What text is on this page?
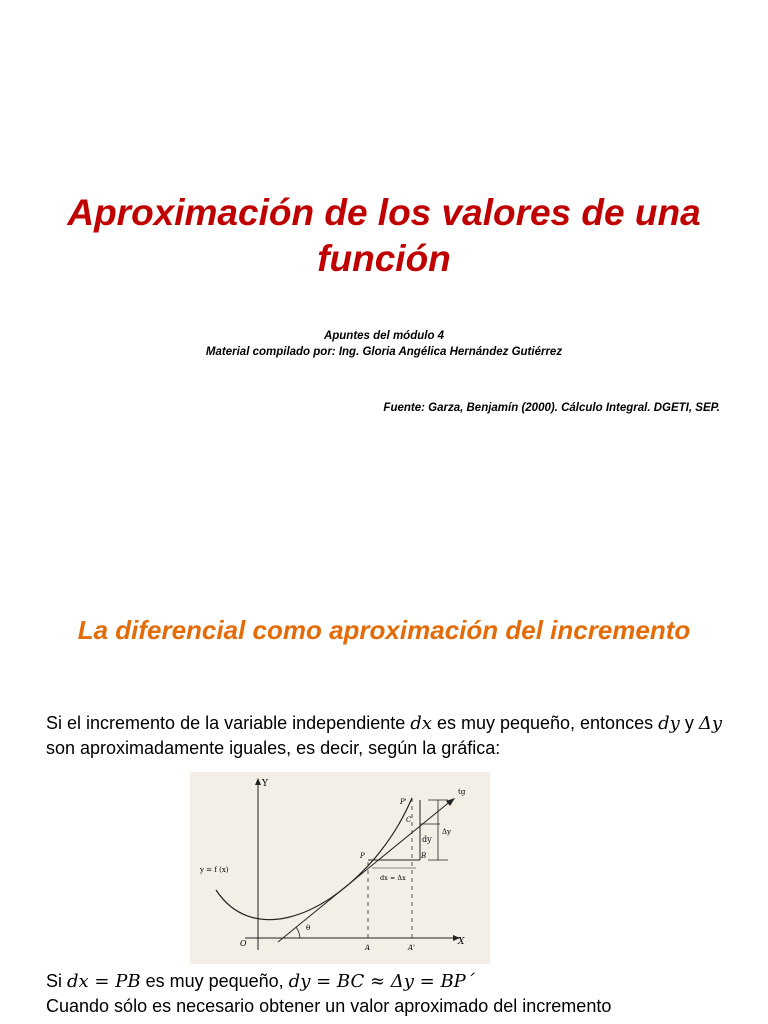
Aproximación de los valores de una función
Apuntes del módulo 4
Material compilado por: Ing. Gloria Angélica Hernández Gutiérrez
Fuente: Garza, Benjamín (2000). Cálculo Integral. DGETI, SEP.
La diferencial como aproximación del incremento
Si el incremento de la variable independiente dx es muy pequeño, entonces dy y Δy son aproximadamente iguales, es decir, según la gráfica:
Y
X
O
y = f (x)
P
P'
C
B
tg
dy
Δy
dx = Δx
A	A'
θ
Si dx = PB es muy pequeño, dy = BC ≈ Δy = BP´
Cuando sólo es necesario obtener un valor aproximado del incremento
